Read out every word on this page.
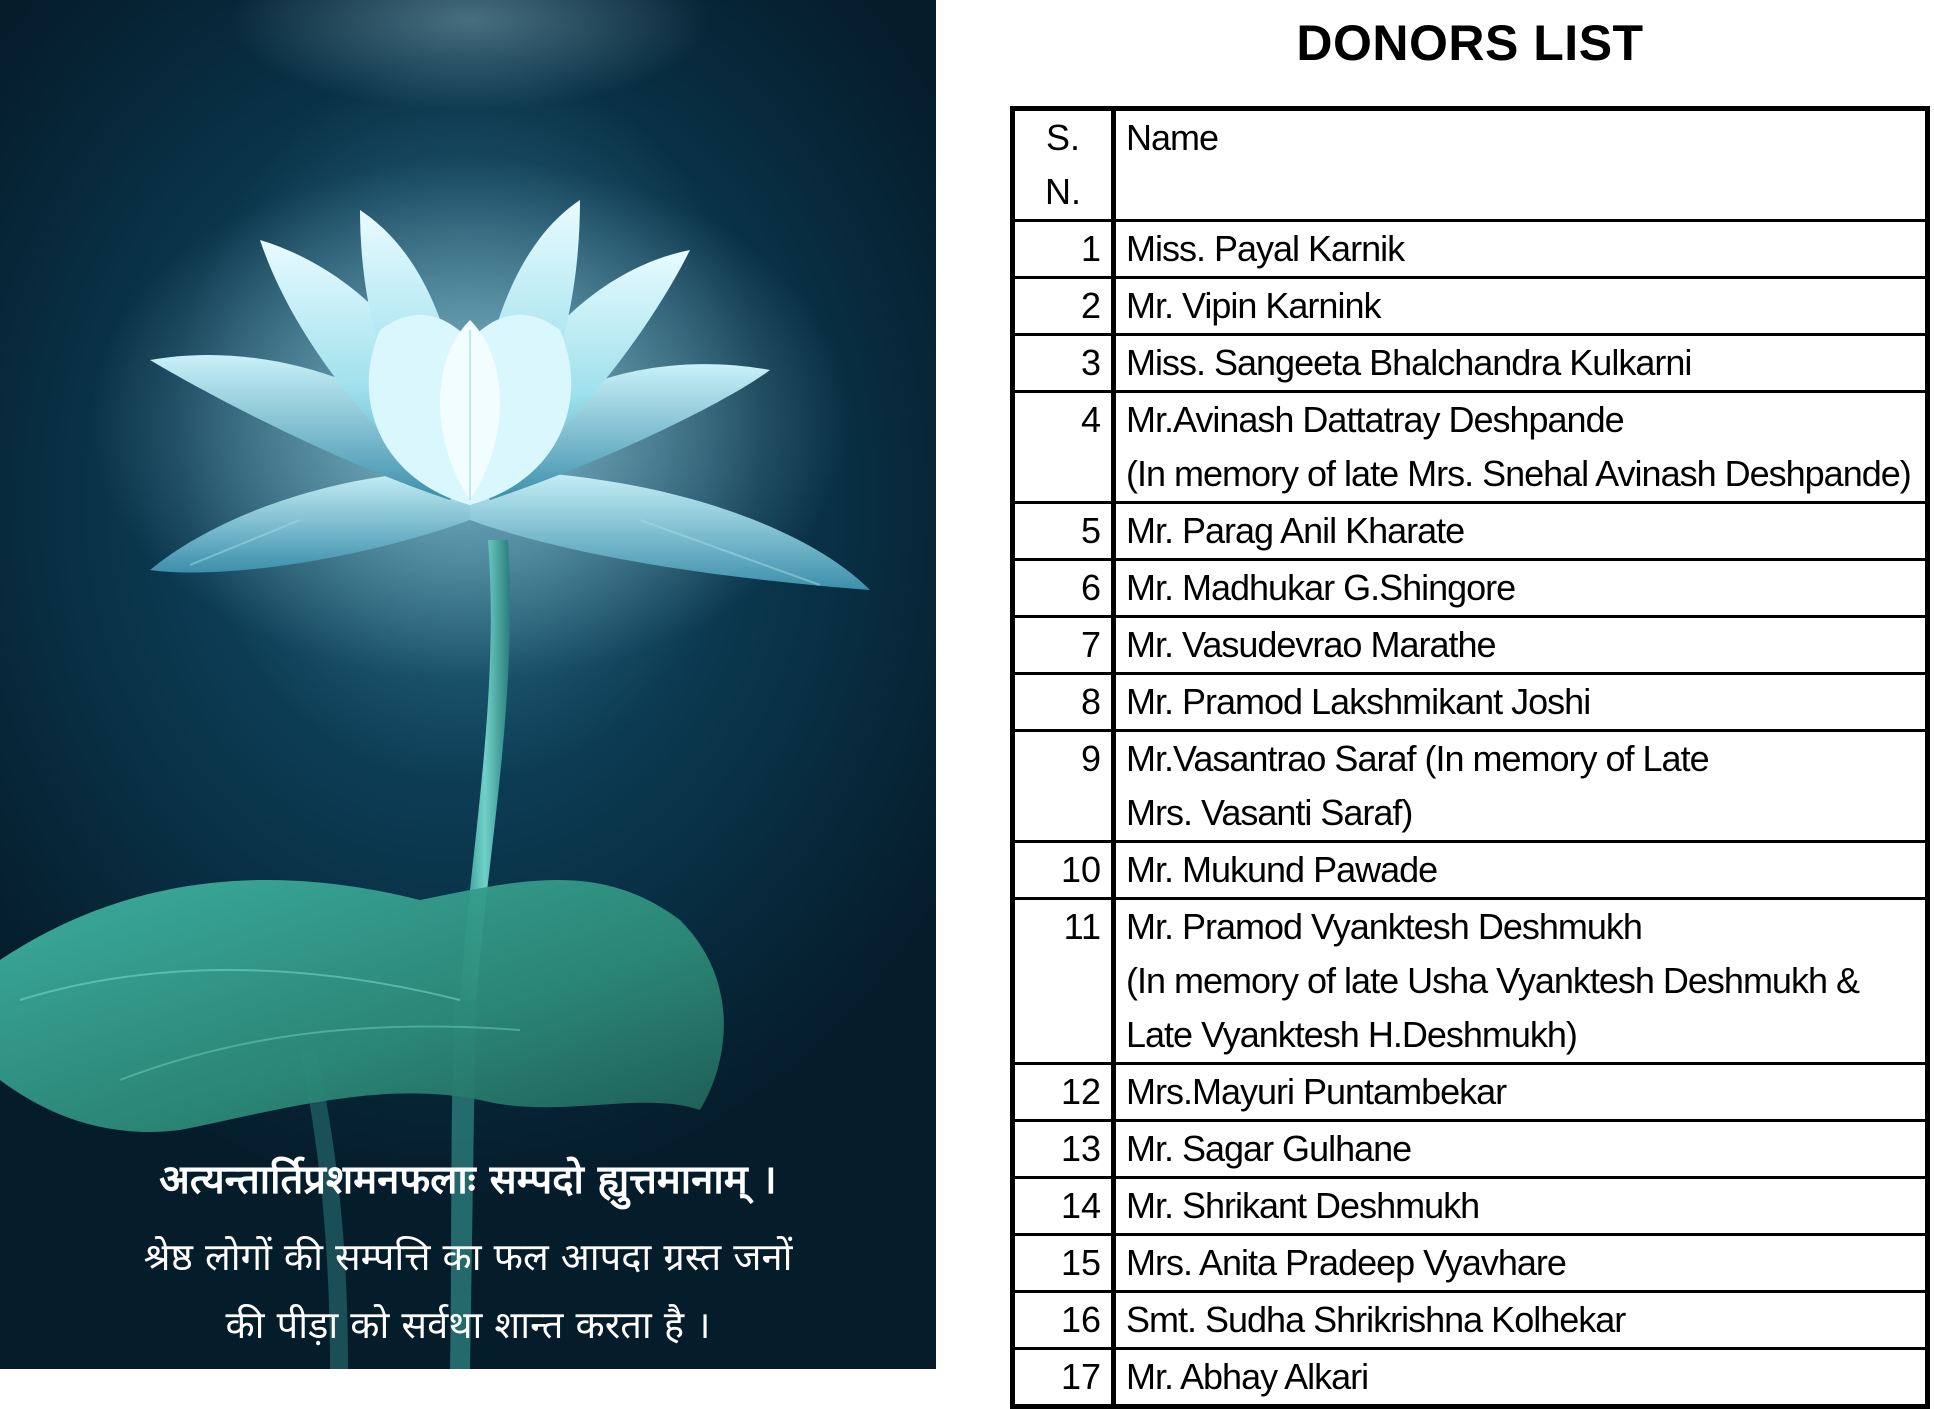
अत्यन्तार्तिप्रशमनफलाः सम्पदो ह्युत्तमानाम् ।
श्रेष्ठ लोगों की सम्पत्ति का फल आपदा ग्रस्त जनों
की पीड़ा को सर्वथा शान्त करता है ।
DONORS LIST
S. N.	Name
1	Miss. Payal Karnik

2	Mr. Vipin Karnink

3	Miss. Sangeeta Bhalchandra Kulkarni

4	Mr.Avinash Dattatray Deshpande
(In memory of late Mrs. Snehal Avinash Deshpande)

5	Mr. Parag Anil Kharate

6	Mr. Madhukar G.Shingore

7	Mr. Vasudevrao Marathe

8	Mr. Pramod Lakshmikant Joshi

9	Mr.Vasantrao Saraf (In memory of Late
Mrs. Vasanti Saraf)

10	Mr. Mukund Pawade

11	Mr. Pramod Vyanktesh Deshmukh
(In memory of late Usha Vyanktesh Deshmukh &
Late Vyanktesh H.Deshmukh)

12	Mrs.Mayuri Puntambekar

13	Mr. Sagar Gulhane

14	Mr. Shrikant Deshmukh

15	Mrs. Anita Pradeep Vyavhare

16	Smt. Sudha Shrikrishna Kolhekar

17	Mr. Abhay Alkari
